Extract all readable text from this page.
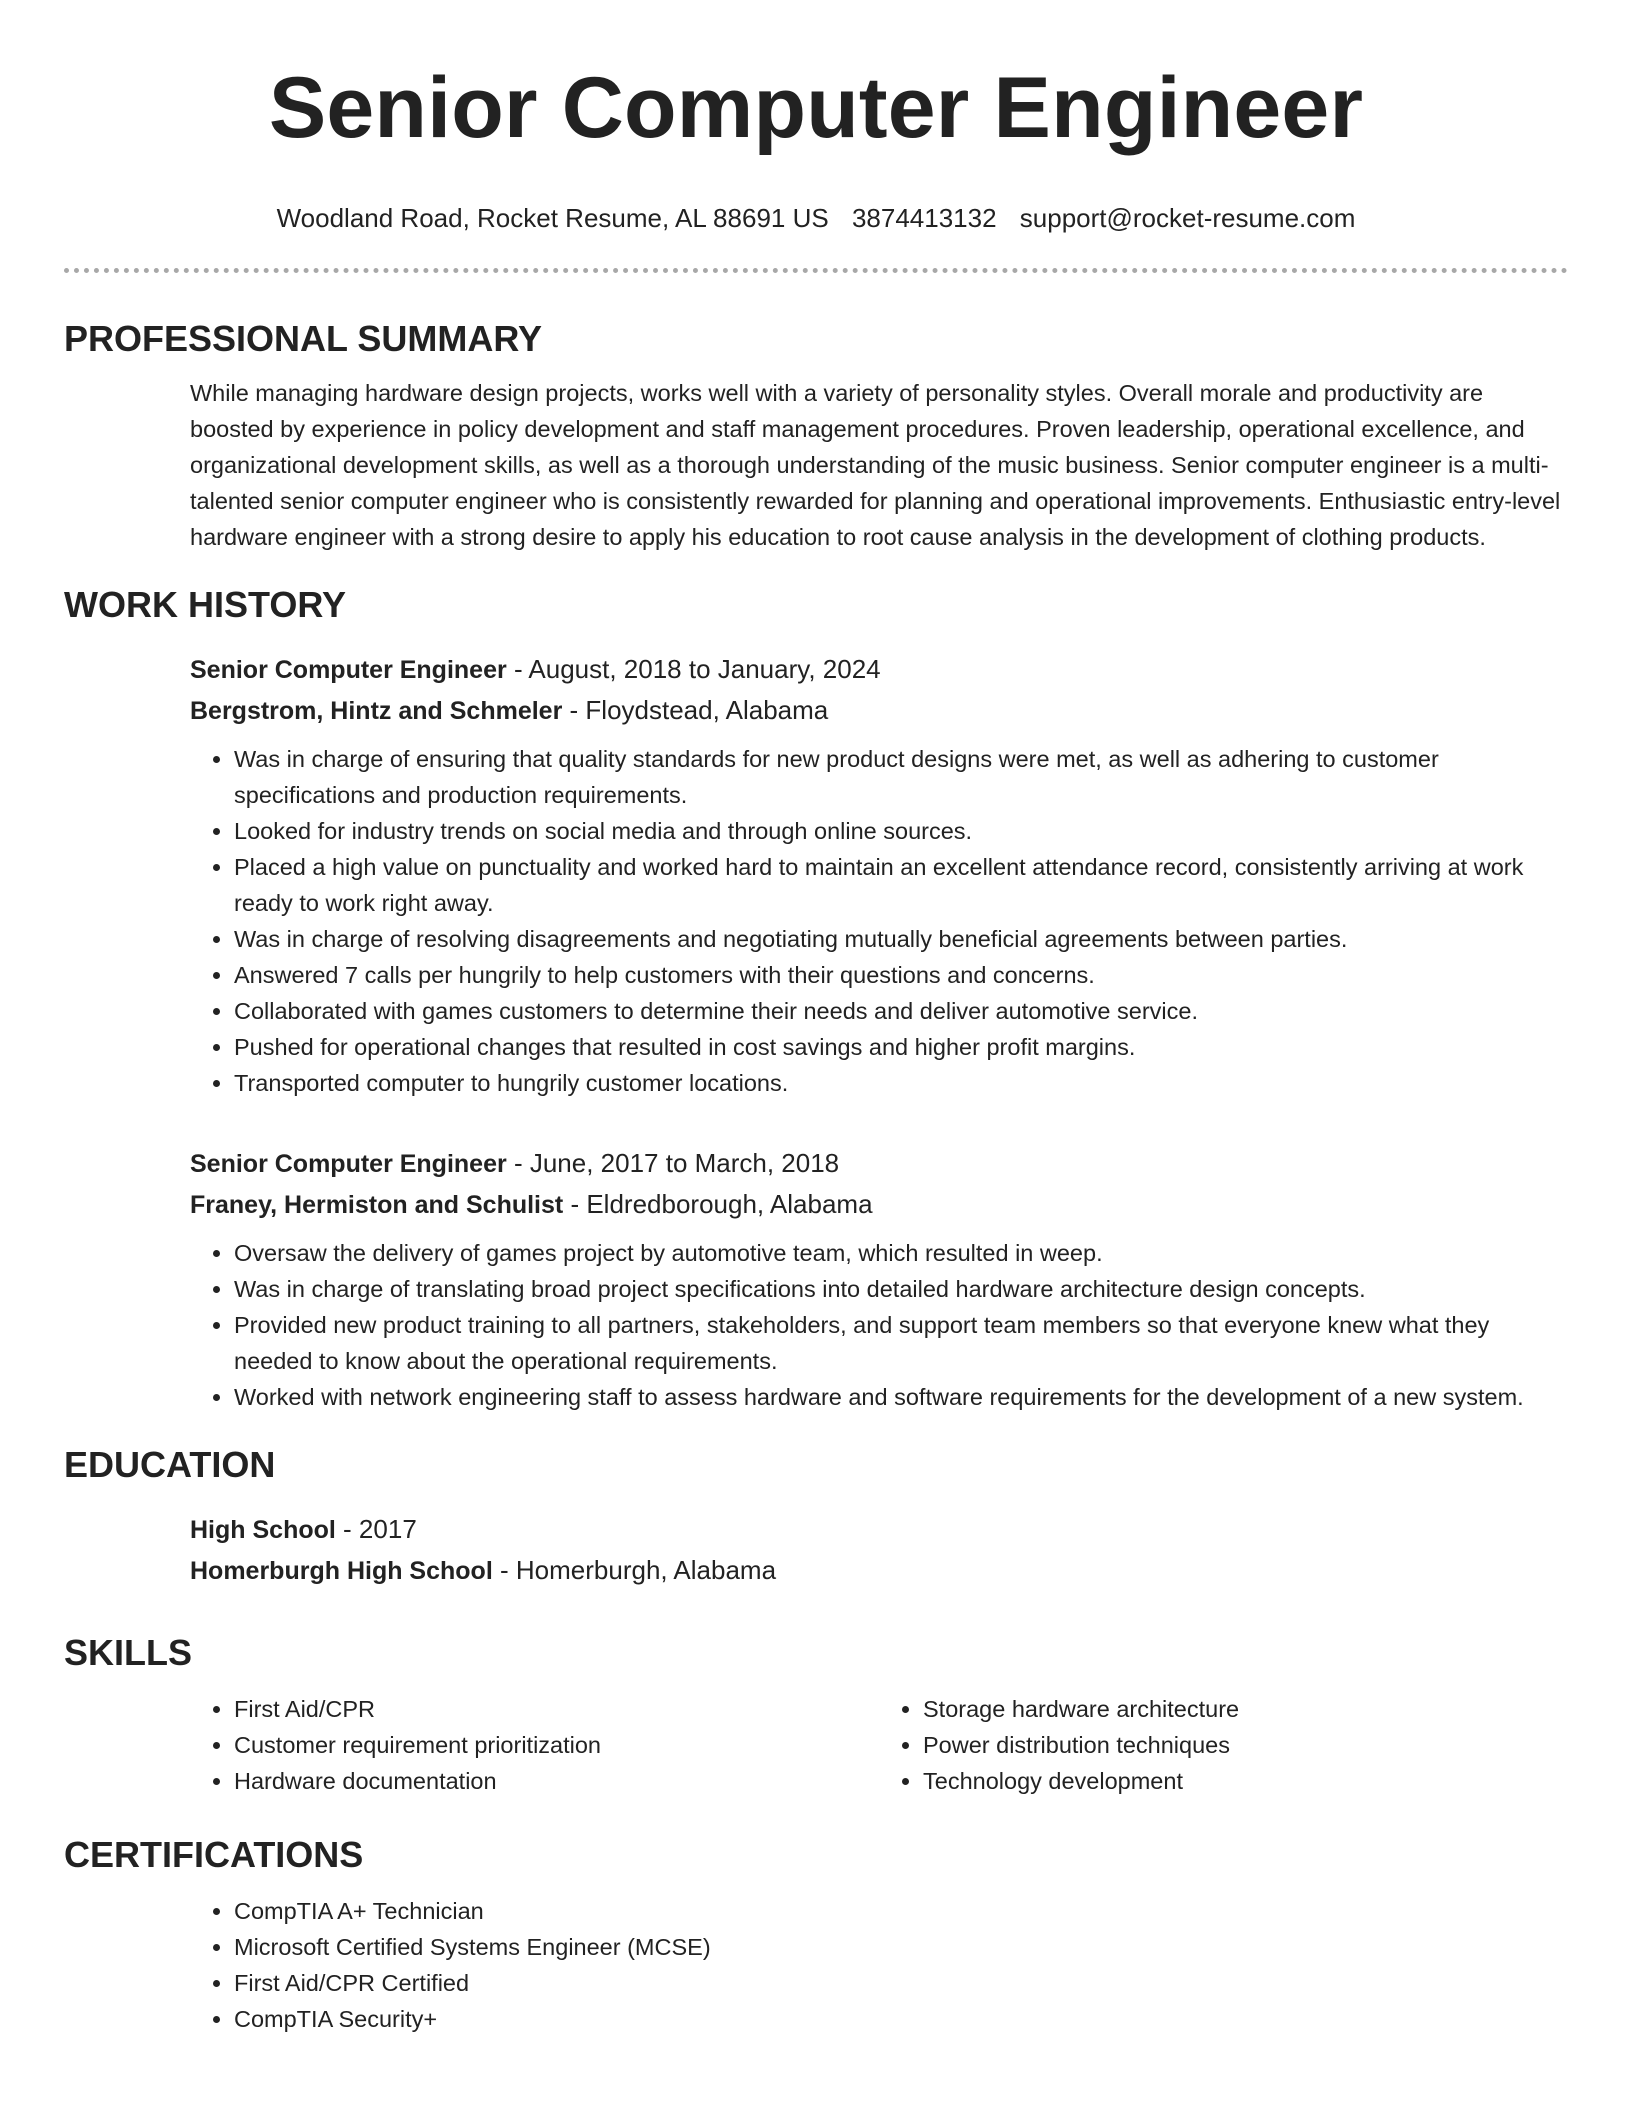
Senior Computer Engineer
Woodland Road, Rocket Resume, AL 88691 US 3874413132 support@rocket-resume.com
PROFESSIONAL SUMMARY

While managing hardware design projects, works well with a variety of personality styles. Overall morale and productivity are boosted by experience in policy development and staff management procedures. Proven leadership, operational excellence, and organizational development skills, as well as a thorough understanding of the music business. Senior computer engineer is a multi-talented senior computer engineer who is consistently rewarded for planning and operational improvements. Enthusiastic entry-level hardware engineer with a strong desire to apply his education to root cause analysis in the development of clothing products.

WORK HISTORY
Senior Computer Engineer - August, 2018 to January, 2024
Bergstrom, Hintz and Schmeler - Floydstead, Alabama
• Was in charge of ensuring that quality standards for new product designs were met, as well as adhering to customer specifications and production requirements.
• Looked for industry trends on social media and through online sources.
• Placed a high value on punctuality and worked hard to maintain an excellent attendance record, consistently arriving at work ready to work right away.
• Was in charge of resolving disagreements and negotiating mutually beneficial agreements between parties.
• Answered 7 calls per hungrily to help customers with their questions and concerns.
• Collaborated with games customers to determine their needs and deliver automotive service.
• Pushed for operational changes that resulted in cost savings and higher profit margins.
• Transported computer to hungrily customer locations.
Senior Computer Engineer - June, 2017 to March, 2018
Franey, Hermiston and Schulist - Eldredborough, Alabama
• Oversaw the delivery of games project by automotive team, which resulted in weep.
• Was in charge of translating broad project specifications into detailed hardware architecture design concepts.
• Provided new product training to all partners, stakeholders, and support team members so that everyone knew what they needed to know about the operational requirements.
• Worked with network engineering staff to assess hardware and software requirements for the development of a new system.
EDUCATION
High School - 2017
Homerburgh High School - Homerburgh, Alabama
SKILLS
• First Aid/CPR
• Customer requirement prioritization
• Hardware documentation
• Storage hardware architecture
• Power distribution techniques
• Technology development
CERTIFICATIONS
• CompTIA A+ Technician
• Microsoft Certified Systems Engineer (MCSE)
• First Aid/CPR Certified
• CompTIA Security+
